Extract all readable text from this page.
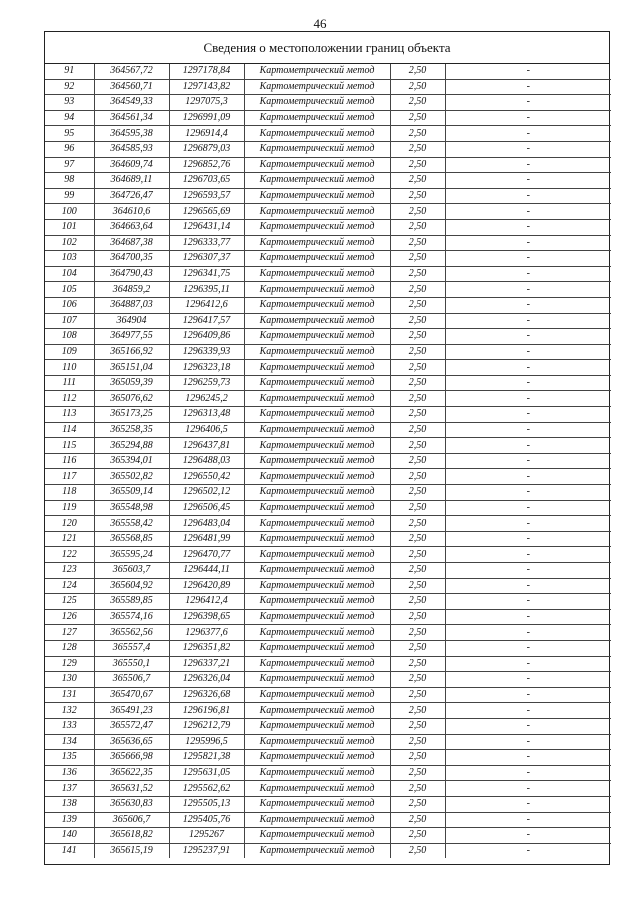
46
Сведения о местоположении границ объекта
91	364567,72	1297178,84	Картометрический метод	2,50	-
92	364560,71	1297143,82	Картометрический метод	2,50	-
93	364549,33	1297075,3	Картометрический метод	2,50	-
94	364561,34	1296991,09	Картометрический метод	2,50	-
95	364595,38	1296914,4	Картометрический метод	2,50	-
96	364585,93	1296879,03	Картометрический метод	2,50	-
97	364609,74	1296852,76	Картометрический метод	2,50	-
98	364689,11	1296703,65	Картометрический метод	2,50	-
99	364726,47	1296593,57	Картометрический метод	2,50	-
100	364610,6	1296565,69	Картометрический метод	2,50	-
101	364663,64	1296431,14	Картометрический метод	2,50	-
102	364687,38	1296333,77	Картометрический метод	2,50	-
103	364700,35	1296307,37	Картометрический метод	2,50	-
104	364790,43	1296341,75	Картометрический метод	2,50	-
105	364859,2	1296395,11	Картометрический метод	2,50	-
106	364887,03	1296412,6	Картометрический метод	2,50	-
107	364904	1296417,57	Картометрический метод	2,50	-
108	364977,55	1296409,86	Картометрический метод	2,50	-
109	365166,92	1296339,93	Картометрический метод	2,50	-
110	365151,04	1296323,18	Картометрический метод	2,50	-
111	365059,39	1296259,73	Картометрический метод	2,50	-
112	365076,62	1296245,2	Картометрический метод	2,50	-
113	365173,25	1296313,48	Картометрический метод	2,50	-
114	365258,35	1296406,5	Картометрический метод	2,50	-
115	365294,88	1296437,81	Картометрический метод	2,50	-
116	365394,01	1296488,03	Картометрический метод	2,50	-
117	365502,82	1296550,42	Картометрический метод	2,50	-
118	365509,14	1296502,12	Картометрический метод	2,50	-
119	365548,98	1296506,45	Картометрический метод	2,50	-
120	365558,42	1296483,04	Картометрический метод	2,50	-
121	365568,85	1296481,99	Картометрический метод	2,50	-
122	365595,24	1296470,77	Картометрический метод	2,50	-
123	365603,7	1296444,11	Картометрический метод	2,50	-
124	365604,92	1296420,89	Картометрический метод	2,50	-
125	365589,85	1296412,4	Картометрический метод	2,50	-
126	365574,16	1296398,65	Картометрический метод	2,50	-
127	365562,56	1296377,6	Картометрический метод	2,50	-
128	365557,4	1296351,82	Картометрический метод	2,50	-
129	365550,1	1296337,21	Картометрический метод	2,50	-
130	365506,7	1296326,04	Картометрический метод	2,50	-
131	365470,67	1296326,68	Картометрический метод	2,50	-
132	365491,23	1296196,81	Картометрический метод	2,50	-
133	365572,47	1296212,79	Картометрический метод	2,50	-
134	365636,65	1295996,5	Картометрический метод	2,50	-
135	365666,98	1295821,38	Картометрический метод	2,50	-
136	365622,35	1295631,05	Картометрический метод	2,50	-
137	365631,52	1295562,62	Картометрический метод	2,50	-
138	365630,83	1295505,13	Картометрический метод	2,50	-
139	365606,7	1295405,76	Картометрический метод	2,50	-
140	365618,82	1295267	Картометрический метод	2,50	-
141	365615,19	1295237,91	Картометрический метод	2,50	-
